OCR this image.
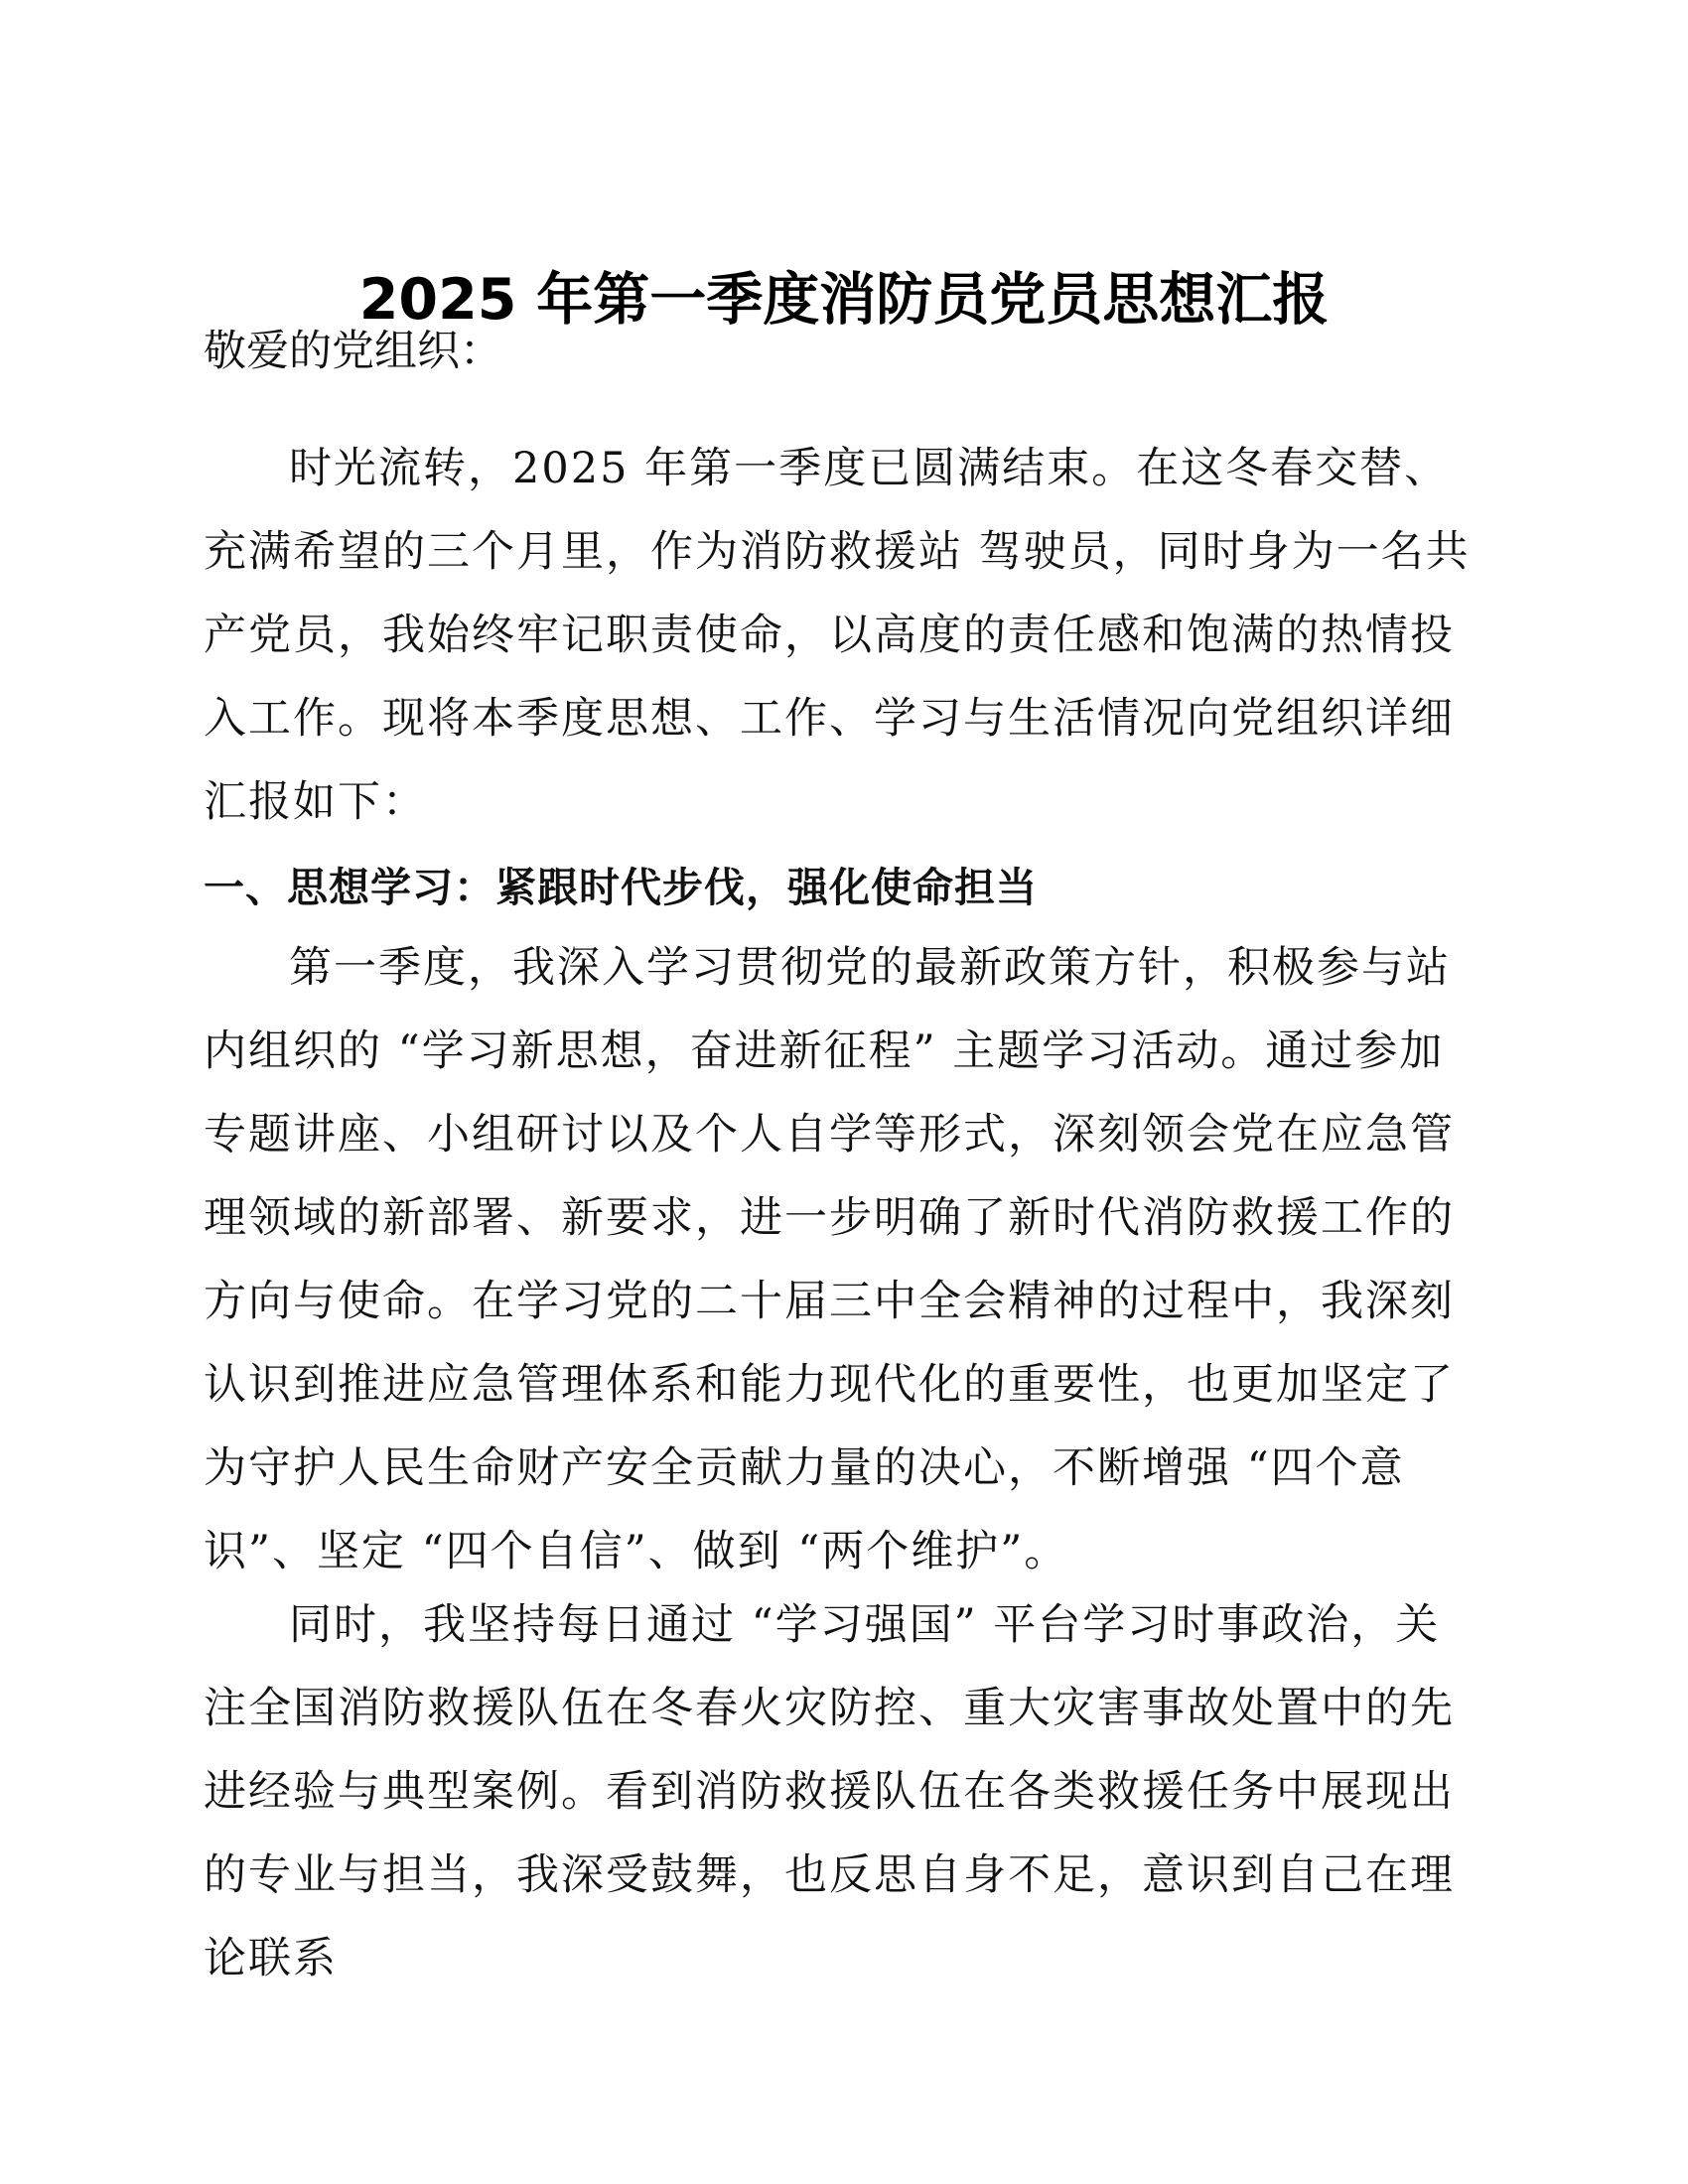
2025 年第一季度消防员党员思想汇报

敬爱的党组织：

时光流转，2025 年第一季度已圆满结束。在这冬春交替、充满希望的三个月里，作为消防救援站 驾驶员，同时身为一名共产党员，我始终牢记职责使命，以高度的责任感和饱满的热情投入工作。现将本季度思想、工作、学习与生活情况向党组织详细汇报如下：

一、思想学习：紧跟时代步伐，强化使命担当

第一季度，我深入学习贯彻党的最新政策方针，积极参与站内组织的 “学习新思想，奋进新征程” 主题学习活动。通过参加专题讲座、小组研讨以及个人自学等形式，深刻领会党在应急管理领域的新部署、新要求，进一步明确了新时代消防救援工作的方向与使命。在学习党的二十届三中全会精神的过程中，我深刻认识到推进应急管理体系和能力现代化的重要性，也更加坚定了为守护人民生命财产安全贡献力量的决心，不断增强 “四个意识”、坚定 “四个自信”、做到 “两个维护”。

同时，我坚持每日通过 “学习强国” 平台学习时事政治，关注全国消防救援队伍在冬春火灾防控、重大灾害事故处置中的先进经验与典型案例。看到消防救援队伍在各类救援任务中展现出的专业与担当，我深受鼓舞，也反思自身不足，意识到自己在理论联系
